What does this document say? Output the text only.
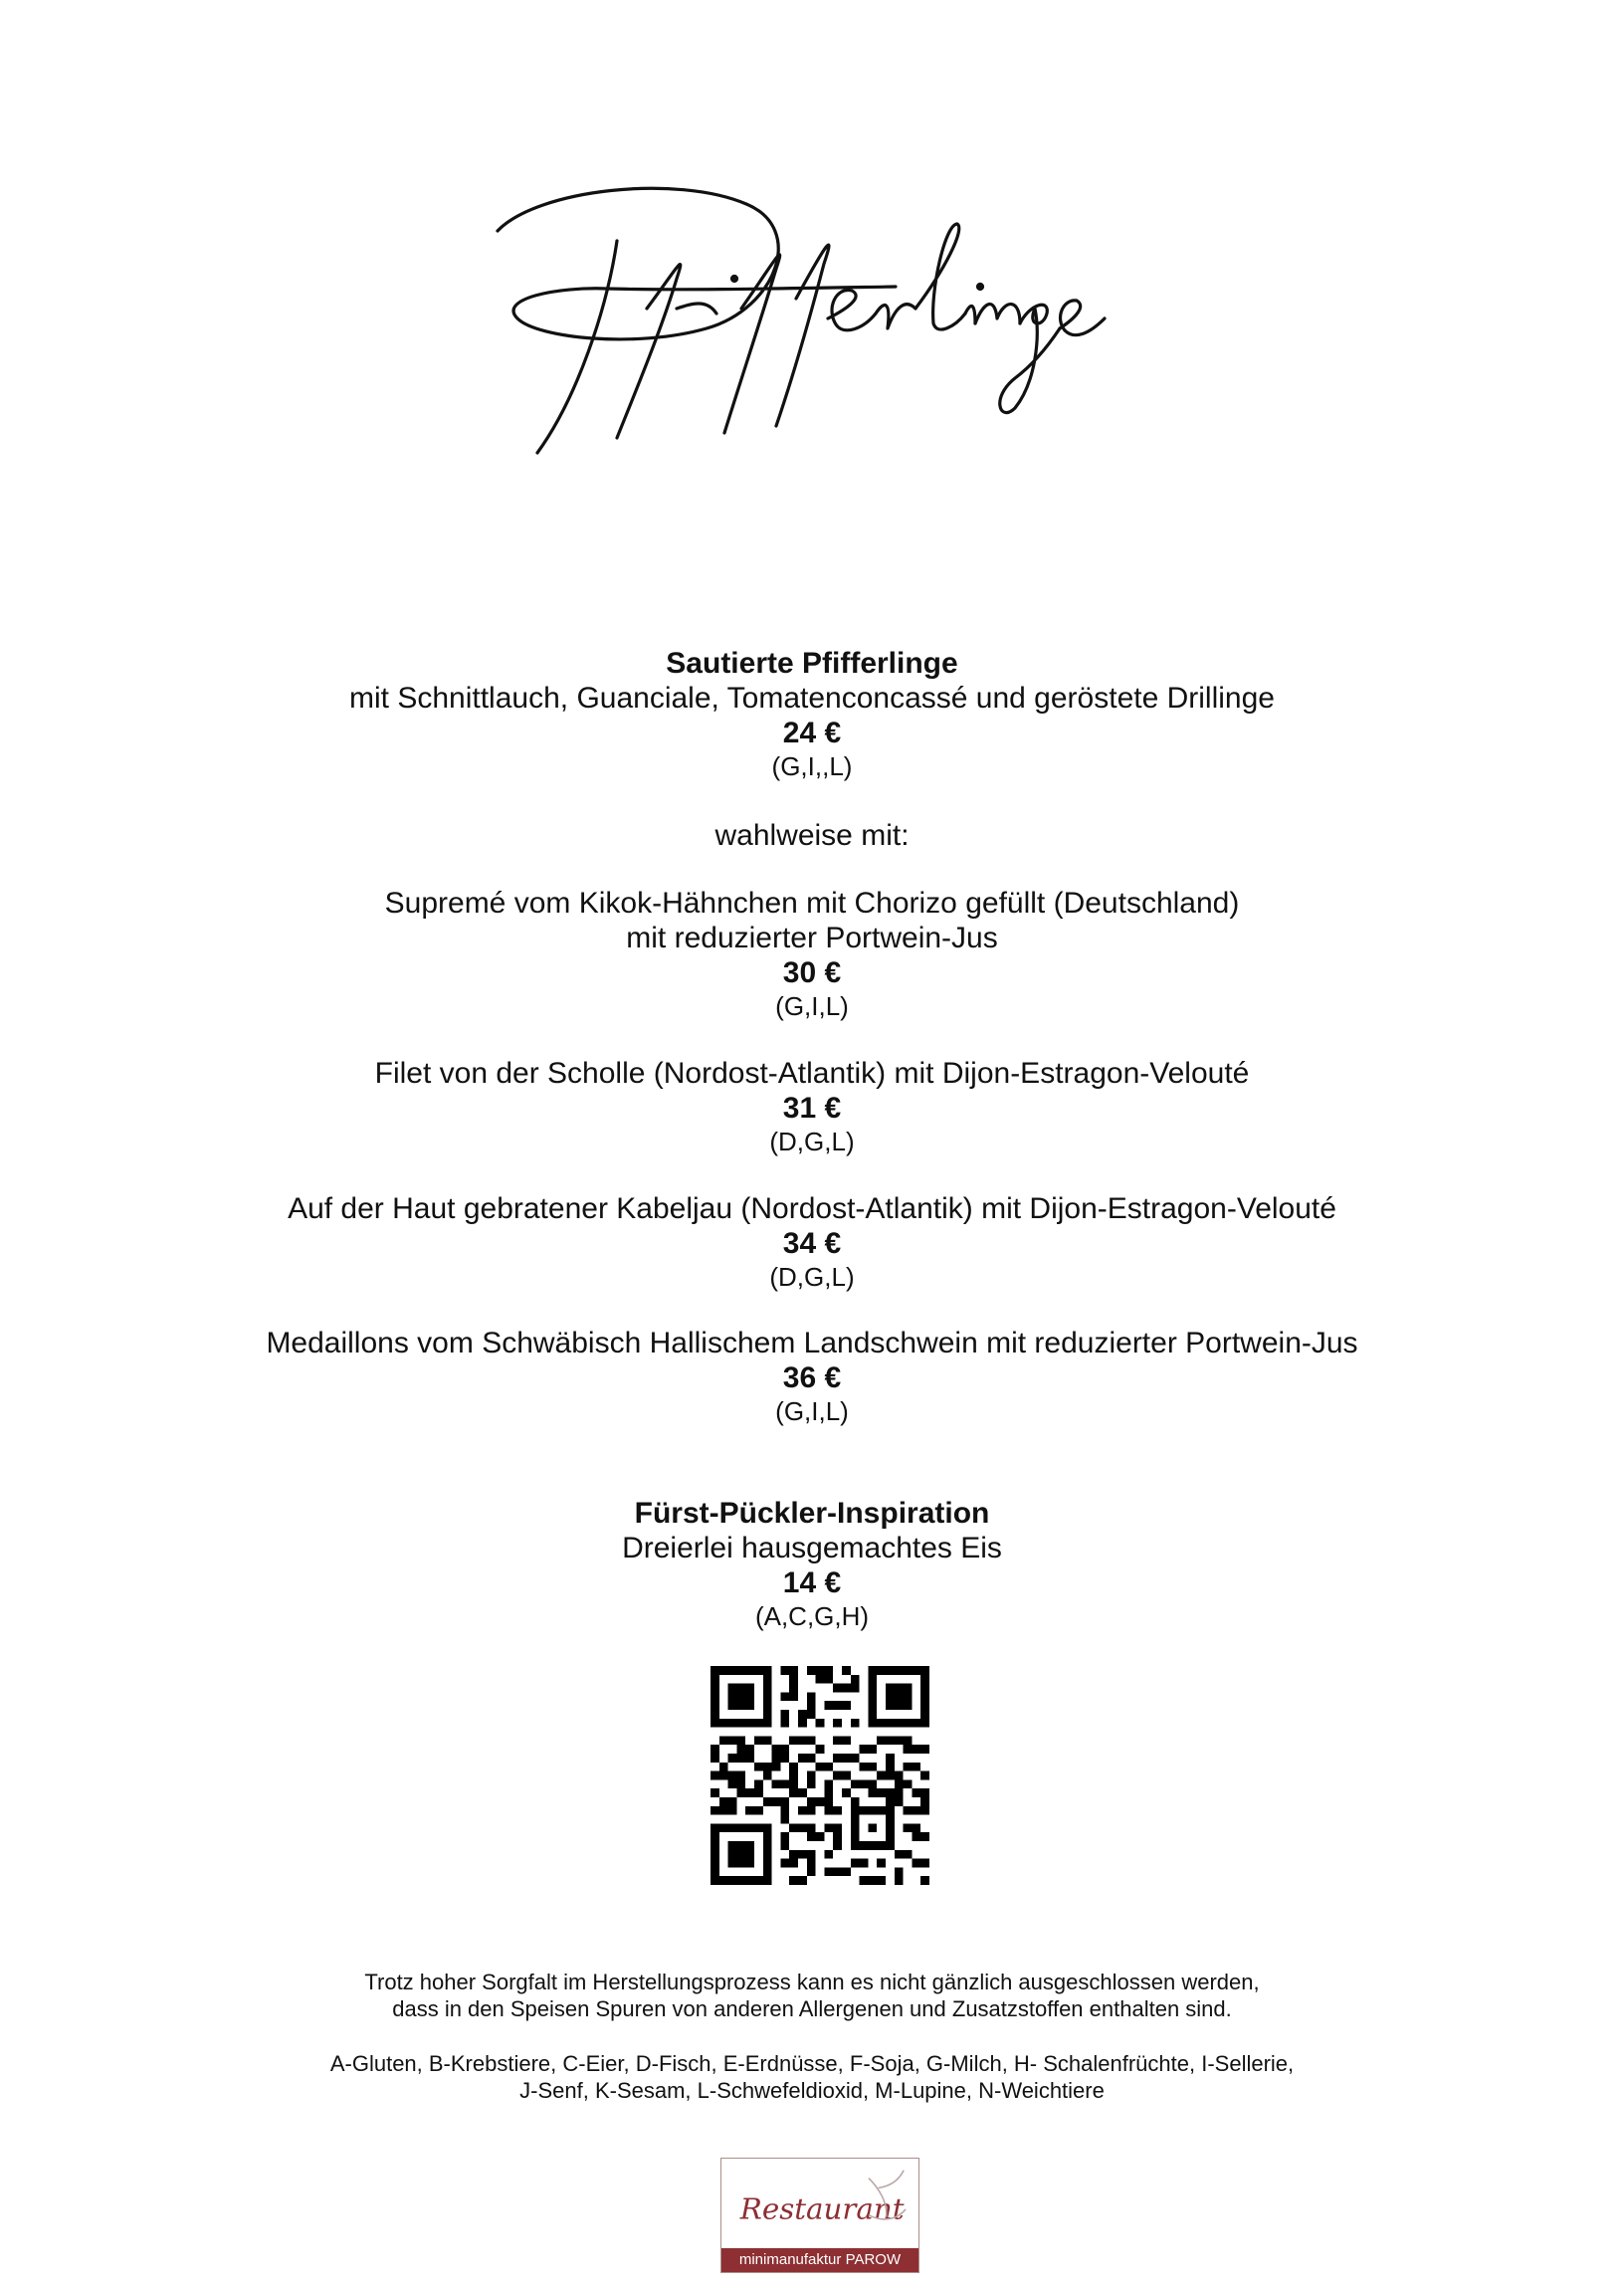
Sautierte Pfifferlinge
mit Schnittlauch, Guanciale, Tomatenconcassé und geröstete Drillinge
24 €
(G,I,,L)
wahlweise mit:
Supremé vom Kikok-Hähnchen mit Chorizo gefüllt (Deutschland)
mit reduzierter Portwein-Jus
30 €
(G,I,L)
Filet von der Scholle (Nordost-Atlantik) mit Dijon-Estragon-Velouté
31 €
(D,G,L)
Auf der Haut gebratener Kabeljau (Nordost-Atlantik) mit Dijon-Estragon-Velouté
34 €
(D,G,L)
Medaillons vom Schwäbisch Hallischem Landschwein mit reduzierter Portwein-Jus
36 €
(G,I,L)
Fürst-Pückler-Inspiration
Dreierlei hausgemachtes Eis
14 €
(A,C,G,H)
Trotz hoher Sorgfalt im Herstellungsprozess kann es nicht gänzlich ausgeschlossen werden,
dass in den Speisen Spuren von anderen Allergenen und Zusatzstoffen enthalten sind.
A-Gluten, B-Krebstiere, C-Eier, D-Fisch, E-Erdnüsse, F-Soja, G-Milch, H- Schalenfrüchte, I-Sellerie,
J-Senf, K-Sesam, L-Schwefeldioxid, M-Lupine, N-Weichtiere
Restaurant
minimanufaktur PAROW
